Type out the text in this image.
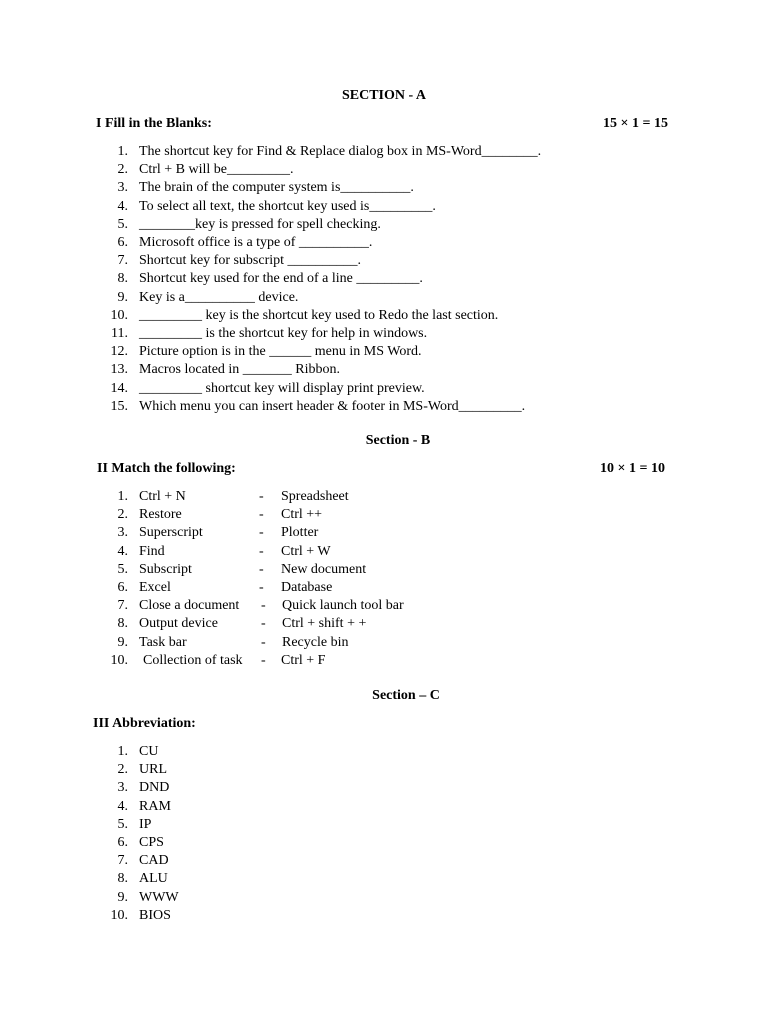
SECTION - A
I Fill in the Blanks:	15 × 1 = 15
1. The shortcut key for Find & Replace dialog box in MS-Word________.
2. Ctrl + B will be_________.
3. The brain of the computer system is__________.
4. To select all text, the shortcut key used is_________.
5. ________key is pressed for spell checking.
6. Microsoft office is a type of __________.
7. Shortcut key for subscript __________.
8. Shortcut key used for the end of a line _________.
9. Key is a__________ device.
10. _________ key is the shortcut key used to Redo the last section.
11. _________ is the shortcut key for help in windows.
12. Picture option is in the ______ menu in MS Word.
13. Macros located in _______ Ribbon.
14. _________ shortcut key will display print preview.
15. Which menu you can insert header & footer in MS-Word_________.
Section - B
II Match the following:	10 × 1 = 10
1. Ctrl + N	- Spreadsheet
2. Restore	- Ctrl ++
3. Superscript	- Plotter
4. Find	- Ctrl + W
5. Subscript	- New document
6. Excel	- Database
7. Close a document - Quick launch tool bar
8. Output device	- Ctrl + shift + +
9. Task bar	- Recycle bin
10. Collection of task - Ctrl + F
Section – C
III Abbreviation:
1. CU
2. URL
3. DND
4. RAM
5. IP
6. CPS
7. CAD
8. ALU
9. WWW
10. BIOS
